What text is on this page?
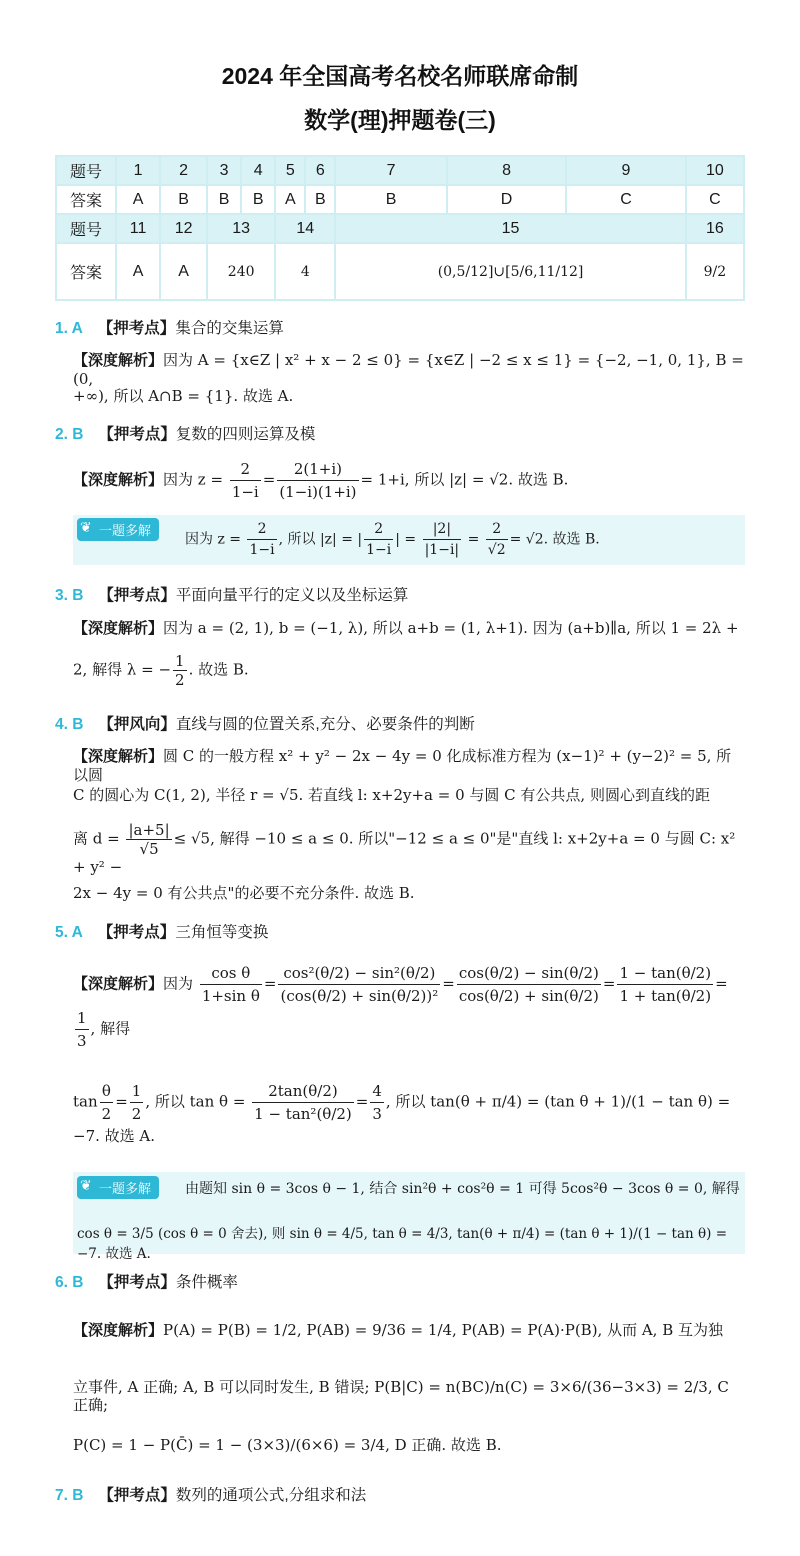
2024 年全国高考名校名师联席命制
数学(理)押题卷(三)
题号	1	2	3	4	5	6	7	8	9	10
答案	A	B	B	B	A	B	B	D	C	C
题号	11	12	13		14		15			16
答案	A	A	240		4		(0,5/12]∪[5/6,11/12]			9/2
1. A 【押考点】集合的交集运算
【深度解析】因为 A = {x∈Z | x² + x − 2 ≤ 0} = {x∈Z | −2 ≤ x ≤ 1} = {−2, −1, 0, 1}, B = (0,
+∞), 所以 A∩B = {1}. 故选 A.
2. B 【押考点】复数的四则运算及模
【深度解析】因为 $z = \frac{2}{1-i} = \frac{2(1+i)}{(1-i)(1+i)} = 1+i$, 所以 |z| = √2. 故选 B.
❦ 一题多解
因为 $z = \frac{2}{1-i}$ , 所以 |z| = | $\frac{2}{1-i}$ | = $\frac{|2|}{|1-i|} = \frac{2}{√2} = √2$. 故选 B.
3. B 【押考点】平面向量平行的定义以及坐标运算
【深度解析】因为 a = (2, 1), b = (−1, λ), 所以 a+b = (1, λ+1). 因为 (a+b)∥a, 所以 1 = 2λ +
2, 解得 λ = − $\frac{1}{2}$ . 故选 B.
4. B 【押风向】直线与圆的位置关系,充分、必要条件的判断
【深度解析】圆 C 的一般方程 x² + y² − 2x − 4y = 0 化成标准方程为 (x−1)² + (y−2)² = 5, 所以圆
C 的圆心为 C(1, 2), 半径 r = √5. 若直线 l: x+2y+a = 0 与圆 C 有公共点, 则圆心到直线的距
离 $d = \frac{|a+5|}{√5} \le √5$, 解得 −10 ≤ a ≤ 0. 所以"−12 ≤ a ≤ 0"是"直线 l: x+2y+a = 0 与圆 C: x² + y² −
2x − 4y = 0 有公共点"的必要不充分条件. 故选 B.
5. A 【押考点】三角恒等变换
【深度解析】因为 $\frac{\text{cos θ}}{\text{1+sin θ}} = \frac{\text{cos²(θ/2) − sin²(θ/2)}}{\text{(cos(θ/2) + sin(θ/2))²}} = \frac{\cos(\theta/2) - \sin(\theta/2)}{\cos(\theta/2) + \sin(\theta/2)} = \frac{1 - \tan(\theta/2)}{1 + \tan(\theta/2)}$ =
$\frac{1}{3}$ , 解得
$\tan \frac{\theta}{2} = \frac{1}{2}$ , 所以 $\tan \theta = \frac{2\tan(\theta/2)}{\text{1 − tan²(θ/2)}} = \frac{4}{3}$ , 所以 tan(θ + π/4) = (tan θ + 1)/(1 − tan θ) = −7. 故选 A.
❦ 一题多解	由题知 sin θ = 3cos θ − 1, 结合 sin²θ + cos²θ = 1 可得 5cos²θ − 3cos θ = 0, 解得
cos θ = 3/5 (cos θ = 0 舍去), 则 sin θ = 4/5, tan θ = 4/3, tan(θ + π/4) = (tan θ + 1)/(1 − tan θ) = −7. 故选 A.
6. B 【押考点】条件概率
【深度解析】P(A) = P(B) = 1/2, P(AB) = 9/36 = 1/4, P(AB) = P(A)·P(B), 从而 A, B 互为独
立事件, A 正确; A, B 可以同时发生, B 错误; P(B|C) = n(BC)/n(C) = 3×6/(36−3×3) = 2/3, C 正确;
P(C) = 1 − P(C̄) = 1 − (3×3)/(6×6) = 3/4, D 正确. 故选 B.
7. B 【押考点】数列的通项公式,分组求和法
